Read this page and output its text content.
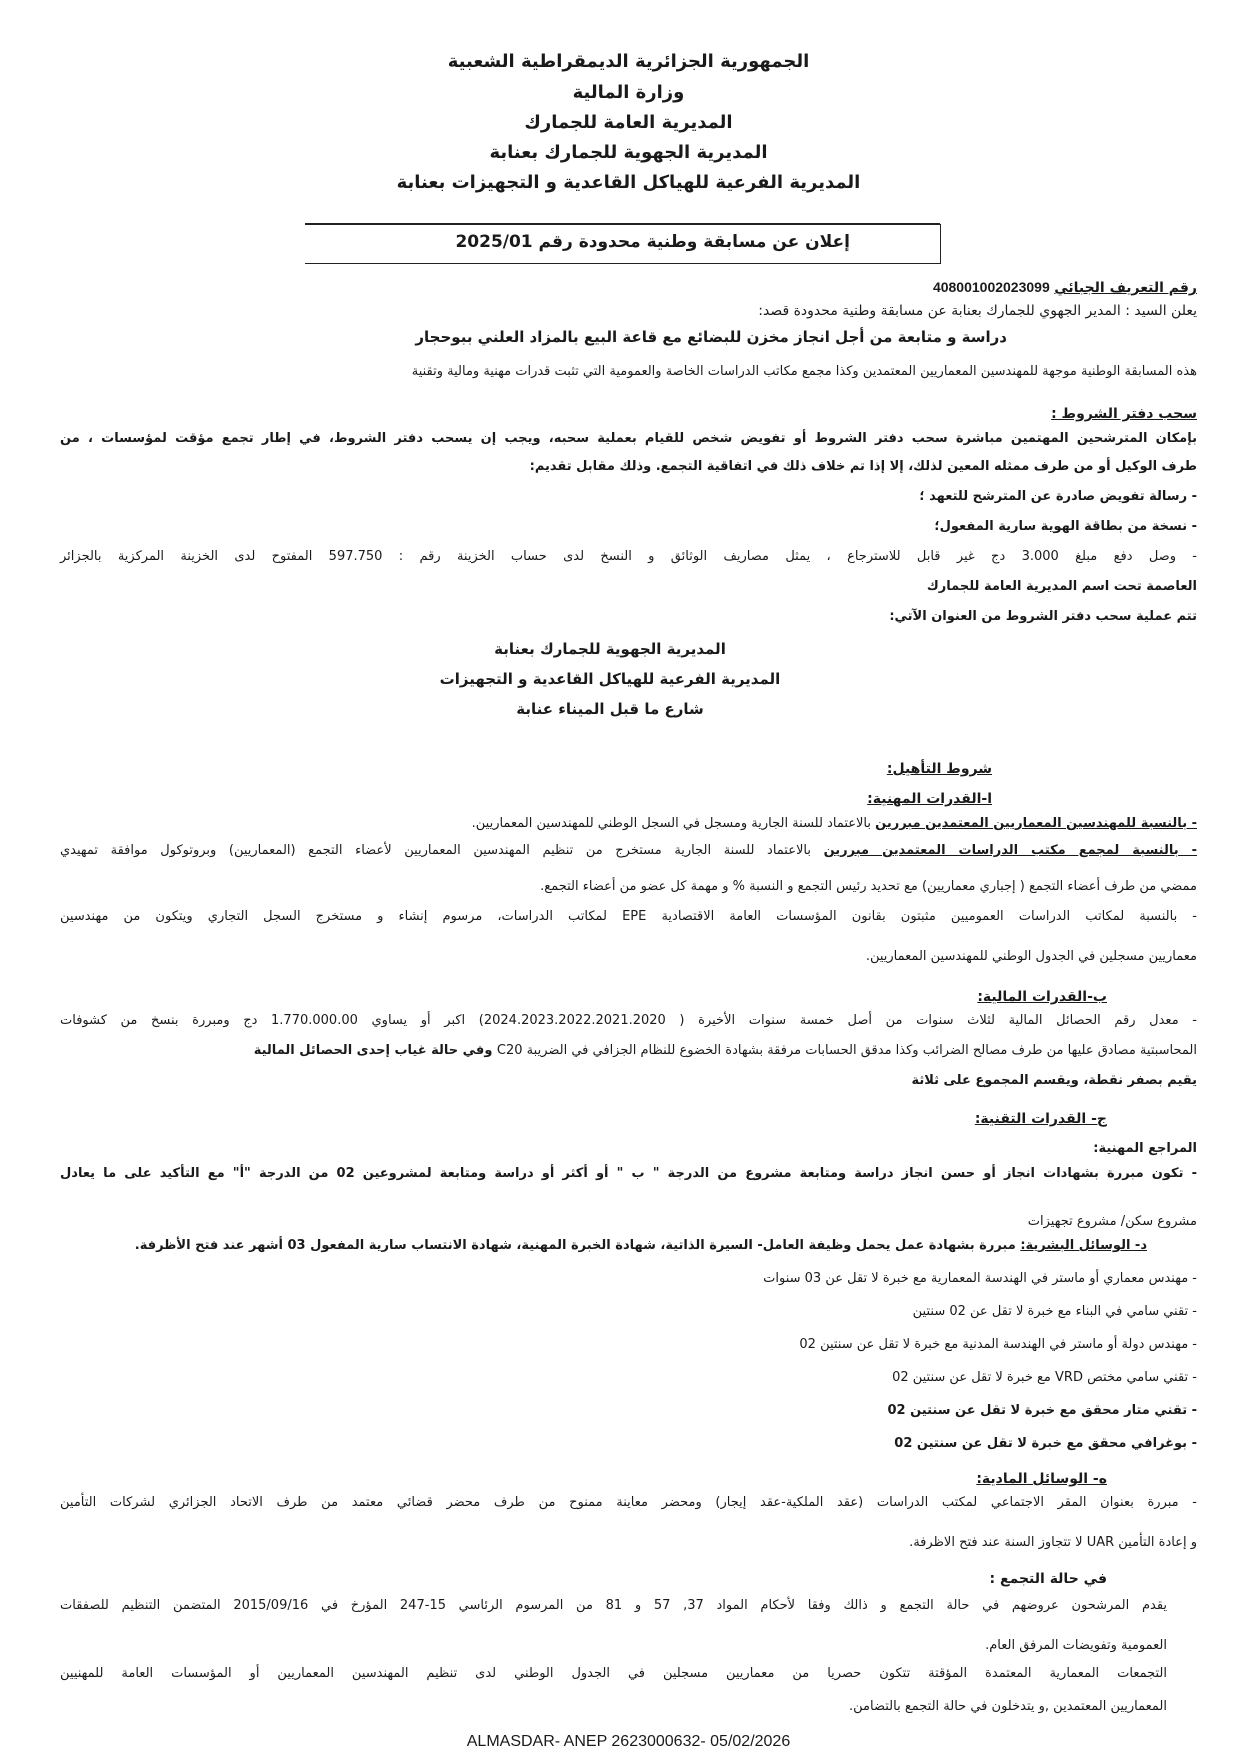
الجمهورية الجزائرية الديمقراطية الشعبية
وزارة المالية
المديرية العامة للجمارك
المديرية الجهوية للجمارك بعنابة
المديرية الفرعية للهياكل القاعدية و التجهيزات بعنابة
إعلان عن مسابقة وطنية محدودة رقم 2025/01
رقم التعريف الجبائي 408001002023099
يعلن السيد : المدير الجهوي للجمارك بعنابة عن مسابقة وطنية محدودة قصد:
دراسة و متابعة من أجل انجاز مخزن للبضائع مع قاعة البيع بالمزاد العلني ببوحجار
هذه المسابقة الوطنية موجهة للمهندسين المعماريين المعتمدين وكذا مجمع مكاتب الدراسات الخاصة والعمومية التي تثبت قدرات مهنية ومالية وتقنية
سحب دفتر الشروط :
بإمكان المترشحين المهتمين مباشرة سحب دفتر الشروط أو تفويض شخص للقيام بعملية سحبه، ويجب إن يسحب دفتر الشروط، في إطار تجمع مؤقت لمؤسسات ، من
طرف الوكيل أو من طرف ممثله المعين لذلك، إلا إذا تم خلاف ذلك في اتفاقية التجمع. وذلك مقابل تقديم:
- رسالة تفويض صادرة عن المترشح للتعهد ؛
- نسخة من بطاقة الهوية سارية المفعول؛
- وصل دفع مبلغ 3.000 دج غير قابل للاسترجاع ، يمثل مصاريف الوثائق و النسخ لدى حساب الخزينة رقم : 597.750 المفتوح لدى الخزينة المركزية بالجزائر
العاصمة تحت اسم المديرية العامة للجمارك
تتم عملية سحب دفتر الشروط من العنوان الآتي:
المديرية الجهوية للجمارك بعنابة
المديرية الفرعية للهياكل القاعدية و التجهيزات
شارع ما قبل الميناء عنابة
شروط التأهيل:
ا-القدرات المهنية:
- بالنسبة للمهندسين المعماريين المعتمدين مبررين بالاعتماد للسنة الجارية ومسجل في السجل الوطني للمهندسين المعماريين.
- بالنسبة لمجمع مكتب الدراسات المعتمدين مبررين بالاعتماد للسنة الجارية مستخرج من تنظيم المهندسين المعماريين لأعضاء التجمع (المعماريين) وبروتوكول موافقة تمهيدي
ممضي من طرف أعضاء التجمع ( إجباري معماريين) مع تحديد رئيس التجمع و النسبة % و مهمة كل عضو من أعضاء التجمع.
- بالنسبة لمكاتب الدراسات العموميين مثبتون بقانون المؤسسات العامة الاقتصادية EPE لمكاتب الدراسات، مرسوم إنشاء و مستخرج السجل التجاري ويتكون من مهندسين
معماريين مسجلين في الجدول الوطني للمهندسين المعماريين.
ب-القدرات المالية:
- معدل رقم الحصائل المالية لثلاث سنوات من أصل خمسة سنوات الأخيرة ( 2024.2023.2022.2021.2020) اكبر أو يساوي 1.770.000.00 دج ومبررة بنسخ من كشوفات
المحاسبتية مصادق عليها من طرف مصالح الضرائب وكذا مدقق الحسابات مرفقة بشهادة الخضوع للنظام الجزافي في الضريبة C20 وفي حالة غياب إحدى الحصائل المالية
يقيم بصفر نقطة، ويقسم المجموع على ثلاثة
ج- القدرات التقنية:
المراجع المهنية:
- تكون مبررة بشهادات انجاز أو حسن انجاز دراسة ومتابعة مشروع من الدرجة " ب " أو أكثر أو دراسة ومتابعة لمشروعين 02 من الدرجة "أ" مع التأكيد على ما يعادل
مشروع سكن/ مشروع تجهيزات
د- الوسائل البشرية: مبررة بشهادة عمل يحمل وظيفة العامل- السيرة الذاتية، شهادة الخبرة المهنية، شهادة الانتساب سارية المفعول 03 أشهر عند فتح الأظرفة.
- مهندس معماري أو ماستر في الهندسة المعمارية مع خبرة لا تقل عن 03 سنوات
- تقني سامي في البناء مع خبرة لا تقل عن 02 سنتين
- مهندس دولة أو ماستر في الهندسة المدنية مع خبرة لا تقل عن سنتين 02
- تقني سامي مختص VRD مع خبرة لا تقل عن سنتين 02
- تقني متار محقق مع خبرة لا تقل عن سنتين 02
- بوغرافي محقق مع خبرة لا تقل عن سنتين 02
ه- الوسائل المادية:
- مبررة بعنوان المقر الاجتماعي لمكتب الدراسات (عقد الملكية-عقد إيجار) ومحضر معاينة ممنوح من طرف محضر قضائي معتمد من طرف الاتحاد الجزائري لشركات التأمين
و إعادة التأمين UAR لا تتجاوز السنة عند فتح الاظرفة.
في حالة التجمع :
يقدم المرشحون عروضهم في حالة التجمع و ذالك وفقا لأحكام المواد 37, 57 و 81 من المرسوم الرئاسي 15-247 المؤرخ في 2015/09/16 المتضمن التنظيم للصفقات
العمومية وتفويضات المرفق العام.
التجمعات المعمارية المعتمدة المؤقتة تتكون حصريا من معماريين مسجلين في الجدول الوطني لدى تنظيم المهندسين المعماريين أو المؤسسات العامة للمهنيين
المعماريين المعتمدين ,و يتدخلون في حالة التجمع بالتضامن.
ALMASDAR- ANEP 2623000632- 05/02/2026
